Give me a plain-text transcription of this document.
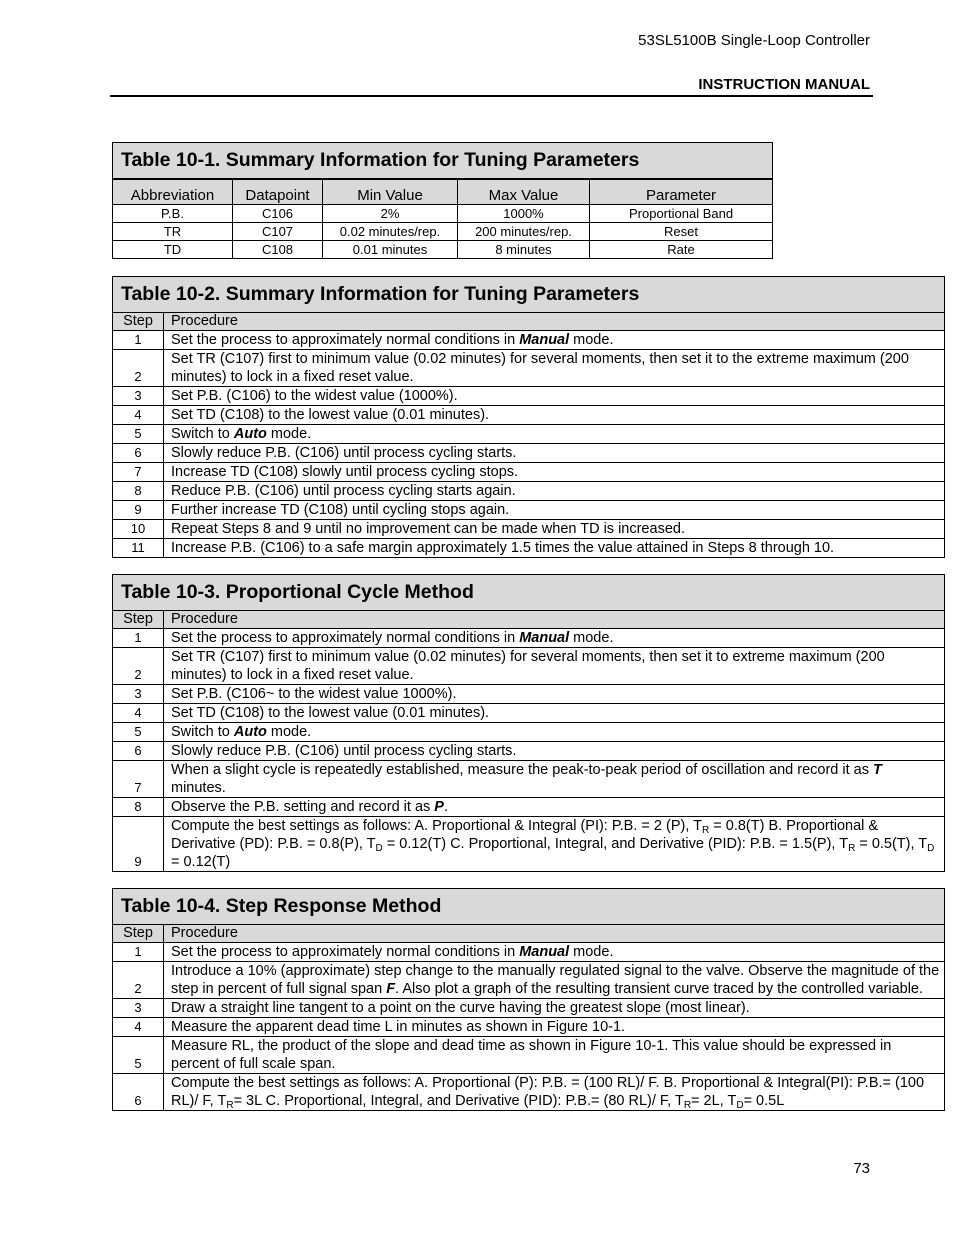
53SL5100B Single-Loop Controller
INSTRUCTION MANUAL
Table 10-1. Summary Information for Tuning Parameters				
Abbreviation	Datapoint	Min Value	Max Value	Parameter
P.B.	C106	2%	1000%	Proportional Band
TR	C107	0.02 minutes/rep.	200 minutes/rep.	Reset
TD	C108	0.01 minutes	8 minutes	Rate
Table 10-2. Summary Information for Tuning Parameters	
Step	Procedure
1	Set the process to approximately normal conditions in Manual mode.
2	Set TR (C107) first to minimum value (0.02 minutes) for several moments, then set it to the extreme maximum (200 minutes) to lock in a fixed reset value.
3	Set P.B. (C106) to the widest value (1000%).
4	Set TD (C108) to the lowest value (0.01 minutes).
5	Switch to Auto mode.
6	Slowly reduce P.B. (C106) until process cycling starts.
7	Increase TD (C108) slowly until process cycling stops.
8	Reduce P.B. (C106) until process cycling starts again.
9	Further increase TD (C108) until cycling stops again.
10	Repeat Steps 8 and 9 until no improvement can be made when TD is increased.
11	Increase P.B. (C106) to a safe margin approximately 1.5 times the value attained in Steps 8 through 10.
Table 10-3. Proportional Cycle Method	
Step	Procedure
1	Set the process to approximately normal conditions in Manual mode.
2	Set TR (C107) first to minimum value (0.02 minutes) for several moments, then set it to extreme maximum (200 minutes) to lock in a fixed reset value.
3	Set P.B. (C106~ to the widest value 1000%).
4	Set TD (C108) to the lowest value (0.01 minutes).
5	Switch to Auto mode.
6	Slowly reduce P.B. (C106) until process cycling starts.
7	When a slight cycle is repeatedly established, measure the peak-to-peak period of oscillation and record it as T minutes.
8	Observe the P.B. setting and record it as P.
9	Compute the best settings as follows: A. Proportional & Integral (PI): P.B. = 2 (P), $T_R = 0.8(T)$ B. Proportional & Derivative (PD): P.B. = 0.8(P), $T_D = 0.12(T)$ C. Proportional, Integral, and Derivative (PID): P.B. = 1.5(P), $T_R = 0.5(T)$, $T_D = 0.12(T)$
Table 10-4. Step Response Method	
Step	Procedure
1	Set the process to approximately normal conditions in Manual mode.
2	Introduce a 10% (approximate) step change to the manually regulated signal to the valve. Observe the magnitude of the step in percent of full signal span F. Also plot a graph of the resulting transient curve traced by the controlled variable.
3	Draw a straight line tangent to a point on the curve having the greatest slope (most linear).
4	Measure the apparent dead time L in minutes as shown in Figure 10-1.
5	Measure RL, the product of the slope and dead time as shown in Figure 10-1. This value should be expressed in percent of full scale span.
6	Compute the best settings as follows: A. Proportional (P): P.B. = (100 RL)/ F. B. Proportional & Integral(PI): P.B.= (100 RL)/ F, $T_R= 3L$ C. Proportional, Integral, and Derivative (PID): P.B.= (80 RL)/ F, $T_R= 2L$, $T_D= 0.5L$
73
